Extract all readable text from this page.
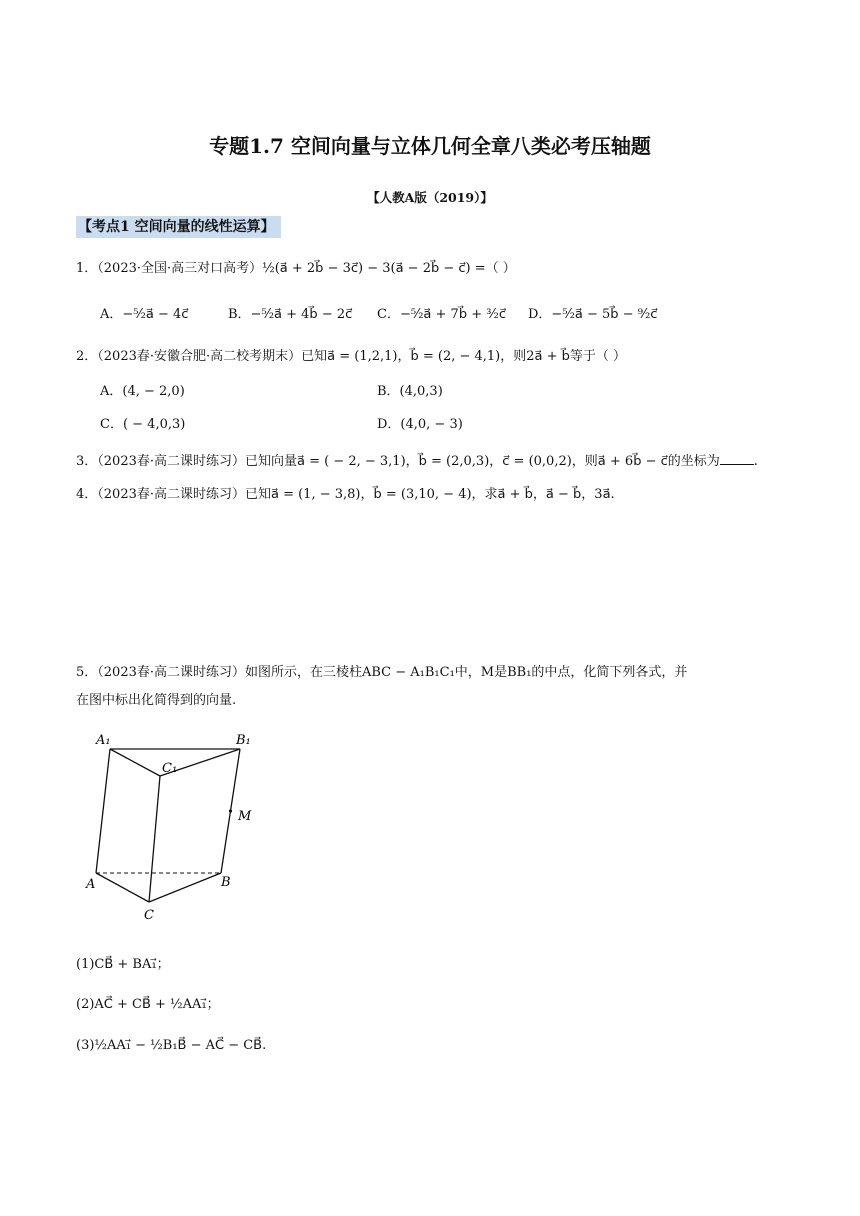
专题1.7 空间向量与立体几何全章八类必考压轴题
【人教A版（2019）】
【考点1 空间向量的线性运算】
1．（2023·全国·高三对口高考）½(a⃗ + 2b⃗ − 3c⃗) − 3(a⃗ − 2b⃗ − c⃗) =（ ）
A．−⁵⁄₂a⃗ − 4c⃗	B．−⁵⁄₂a⃗ + 4b⃗ − 2c⃗ C．−⁵⁄₂a⃗ + 7b⃗ + ³⁄₂c⃗ D．−⁵⁄₂a⃗ − 5b⃗ − ⁹⁄₂c⃗
2．（2023春·安徽合肥·高二校考期末）已知a⃗ = (1,2,1)，b⃗ = (2, − 4,1)，则2a⃗ + b⃗等于（ ）
A．(4, − 2,0)	B．(4,0,3)
C．( − 4,0,3)	D．(4,0, − 3)
3．（2023春·高二课时练习）已知向量a⃗ = ( − 2, − 3,1)，b⃗ = (2,0,3)，c⃗ = (0,0,2)，则a⃗ + 6b⃗ − c⃗的坐标为	.
4．（2023春·高二课时练习）已知a⃗ = (1, − 3,8)，b⃗ = (3,10, − 4)，求a⃗ + b⃗，a⃗ − b⃗，3a⃗.
5．（2023春·高二课时练习）如图所示，在三棱柱ABC − A₁B₁C₁中，M是BB₁的中点，化简下列各式，并
在图中标出化简得到的向量.
A₁	B₁
C₁
M
A	B
C
(1)CB⃗ + BA₁⃗；
(2)AC⃗ + CB⃗ + ½AA₁⃗；
(3)½AA₁⃗ − ½B₁B⃗ − AC⃗ − CB⃗.
